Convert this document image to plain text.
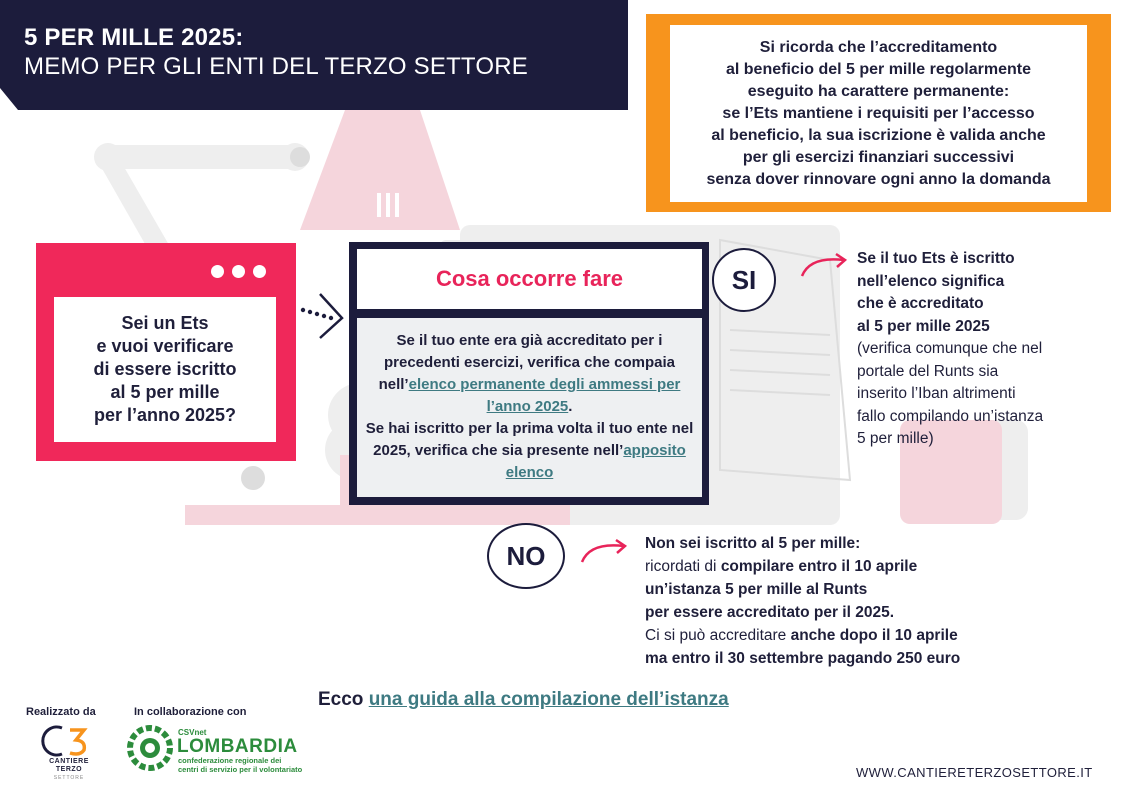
5 PER MILLE 2025:
MEMO PER GLI ENTI DEL TERZO SETTORE
Si ricorda che l’accreditamento
al beneficio del 5 per mille regolarmente
eseguito ha carattere permanente:
se l’Ets mantiene i requisiti per l’accesso
al beneficio, la sua iscrizione è valida anche
per gli esercizi finanziari successivi
senza dover rinnovare ogni anno la domanda
Sei un Ets
e vuoi verificare
di essere iscritto
al 5 per mille
per l’anno 2025?
Cosa occorre fare
Se il tuo ente era già accreditato per i precedenti esercizi, verifica che compaia nell’elenco permanente degli ammessi per l’anno 2025.
Se hai iscritto per la prima volta il tuo ente nel 2025, verifica che sia presente nell’apposito elenco
SI
Se il tuo Ets è iscritto
nell’elenco significa
che è accreditato
al 5 per mille 2025
(verifica comunque che nel
portale del Runts sia
inserito l’Iban altrimenti
fallo compilando un’istanza
5 per mille)
NO	Non sei iscritto al 5 per mille:
ricordati di compilare entro il 10 aprile
un’istanza 5 per mille al Runts
per essere accreditato per il 2025.
Ci si può accreditare anche dopo il 10 aprile
ma entro il 30 settembre pagando 250 euro
Ecco una guida alla compilazione dell’istanza
Realizzato da	In collaborazione con
CANTIERE
TERZO
SETTORE
CSVnet
LOMBARDIA
confederazione regionale dei
centri di servizio per il volontariato	WWW.CANTIERETERZOSETTORE.IT
